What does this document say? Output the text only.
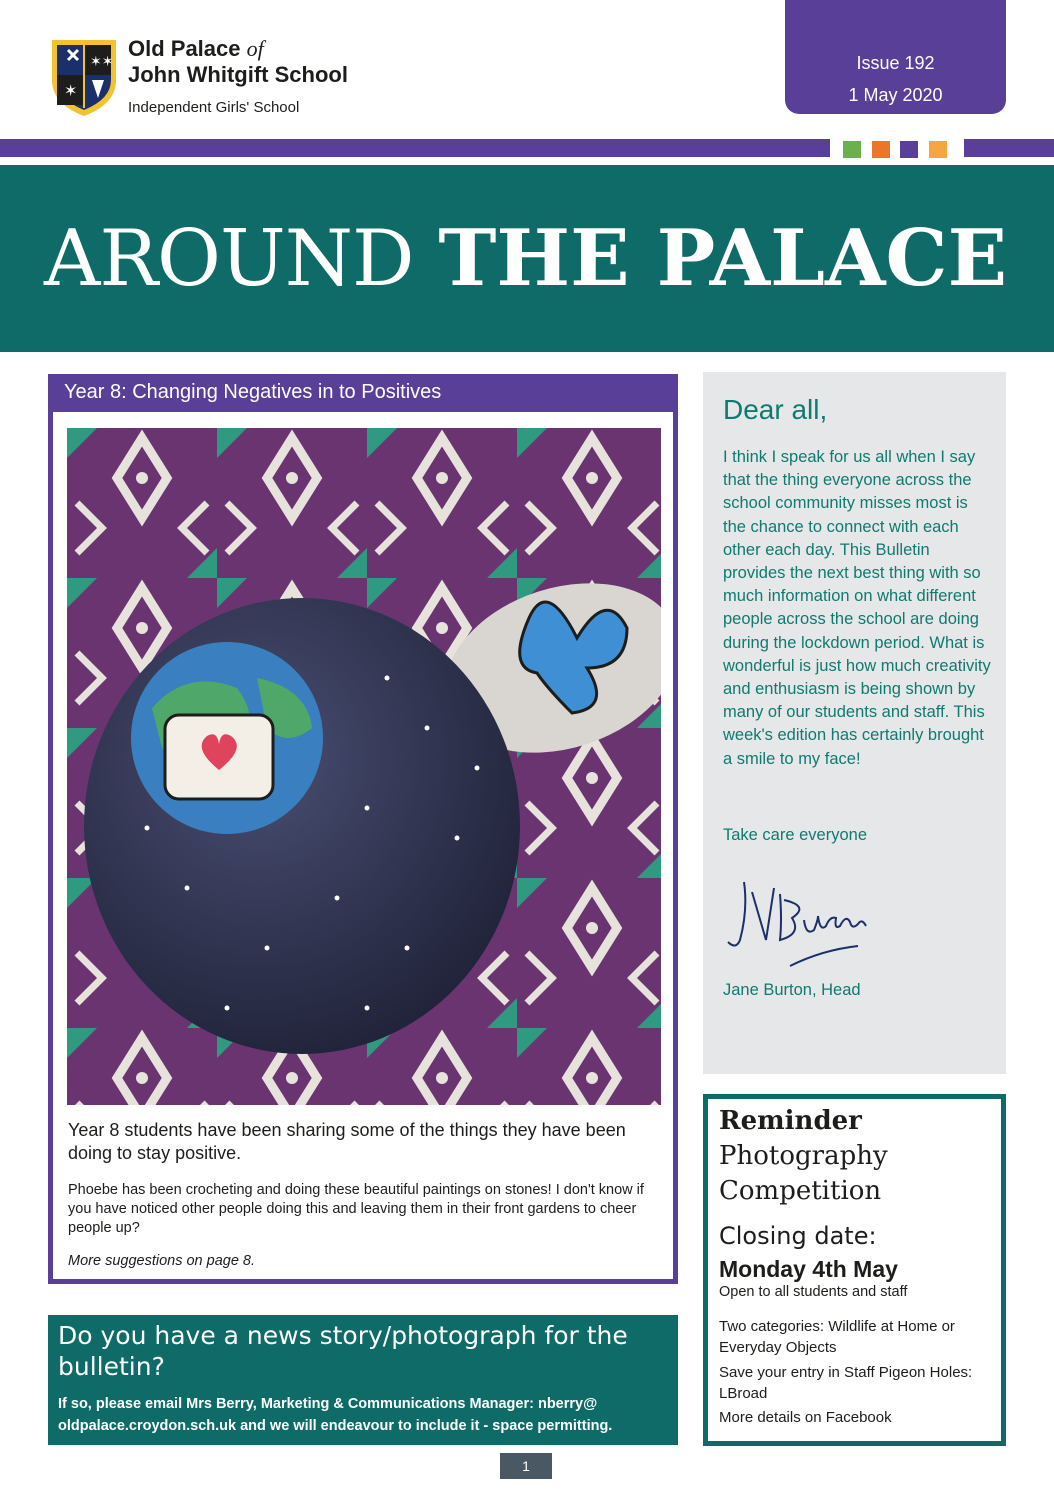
✶✶
✶
Old Palace of
John Whitgift School
Independent Girls' School
Issue 192
1 May 2020
AROUND THE PALACE
Year 8: Changing Negatives in to Positives
Year 8 students have been sharing some of the things they have been doing to stay positive.
Phoebe has been crocheting and doing these beautiful paintings on stones! I don't know if you have noticed other people doing this and leaving them in their front gardens to cheer people up?
More suggestions on page 8.
Do you have a news story/photograph for the bulletin?
If so, please email Mrs Berry, Marketing & Communications Manager: nberry@ oldpalace.croydon.sch.uk and we will endeavour to include it - space permitting.
1
Dear all,
I think I speak for us all when I say that the thing everyone across the school community misses most is the chance to connect with each other each day. This Bulletin provides the next best thing with so much information on what different people across the school are doing during the lockdown period. What is wonderful is just how much creativity and enthusiasm is being shown by many of our students and staff. This week's edition has certainly brought a smile to my face!
Take care everyone
Jane Burton, Head
Reminder
Photography Competition
Closing date:
Monday 4th May
Open to all students and staff
Two categories: Wildlife at Home or Everyday Objects
Save your entry in Staff Pigeon Holes: LBroad
More details on Facebook
